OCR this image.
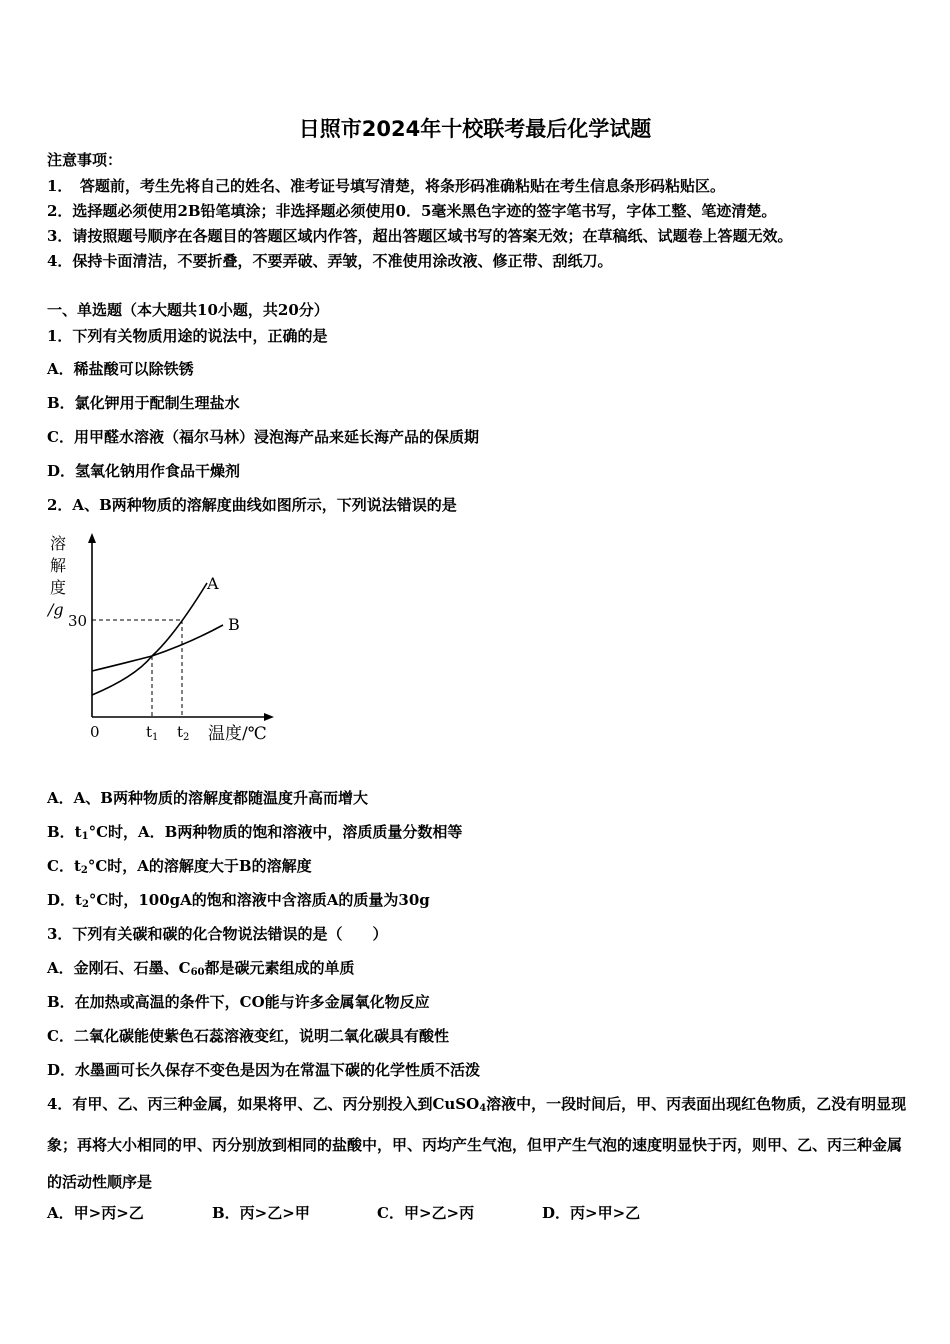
日照市2024年十校联考最后化学试题
注意事项：
1．　答题前，考生先将自己的姓名、准考证号填写清楚，将条形码准确粘贴在考生信息条形码粘贴区。
2．选择题必须使用2B铅笔填涂；非选择题必须使用0．5毫米黑色字迹的签字笔书写，字体工整、笔迹清楚。
3．请按照题号顺序在各题目的答题区域内作答，超出答题区域书写的答案无效；在草稿纸、试题卷上答题无效。
4．保持卡面清洁，不要折叠，不要弄破、弄皱，不准使用涂改液、修正带、刮纸刀。
一、单选题（本大题共10小题，共20分）
1．下列有关物质用途的说法中，正确的是
A．稀盐酸可以除铁锈
B．氯化钾用于配制生理盐水
C．用甲醛水溶液（福尔马林）浸泡海产品来延长海产品的保质期
D．氢氧化钠用作食品干燥剂
2．A、B两种物质的溶解度曲线如图所示，下列说法错误的是
溶
解
度
/g
30
A
B
0	$t_1$ $t_2$ 温度/℃
A．A、B两种物质的溶解度都随温度升高而增大
B．$t_1^\circ C$时，A．B两种物质的饱和溶液中，溶质质量分数相等
C．$t_2^\circ C$时，A的溶解度大于B的溶解度
D．$t_2^\circ C$时，100gA的饱和溶液中含溶质A的质量为30g
3．下列有关碳和碳的化合物说法错误的是（　　）
A．金刚石、石墨、$C_{60}$都是碳元素组成的单质
B．在加热或高温的条件下，CO能与许多金属氧化物反应
C．二氧化碳能使紫色石蕊溶液变红，说明二氧化碳具有酸性
D．水墨画可长久保存不变色是因为在常温下碳的化学性质不活泼
4．有甲、乙、丙三种金属，如果将甲、乙、丙分别投入到CuSO$_4$溶液中，一段时间后，甲、丙表面出现红色物质，乙没有明显现象；再将大小相同的甲、丙分别放到相同的盐酸中，甲、丙均产生气泡，但甲产生气泡的速度明显快于丙，则甲、乙、丙三种金属的活动性顺序是
A．甲>丙>乙	B．丙>乙>甲	C．甲>乙>丙	D．丙>甲>乙
